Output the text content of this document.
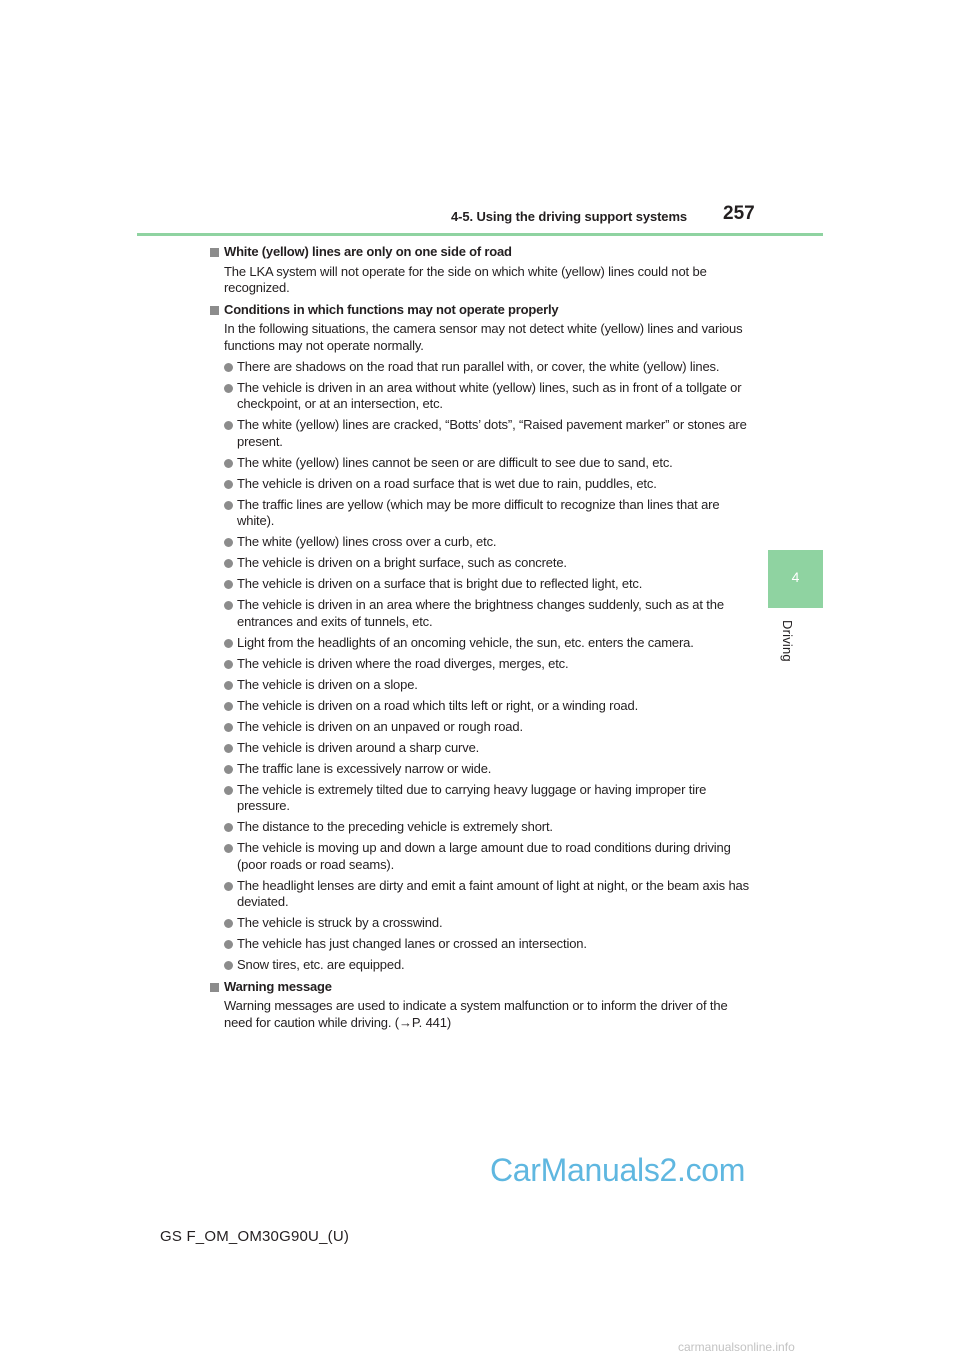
4-5. Using the driving support systems 257
4
Driving
White (yellow) lines are only on one side of road
The LKA system will not operate for the side on which white (yellow) lines could not be recognized.
Conditions in which functions may not operate properly
In the following situations, the camera sensor may not detect white (yellow) lines and various functions may not operate normally.
There are shadows on the road that run parallel with, or cover, the white (yellow) lines.
The vehicle is driven in an area without white (yellow) lines, such as in front of a tollgate or checkpoint, or at an intersection, etc.
The white (yellow) lines are cracked, “Botts’ dots”, “Raised pavement marker” or stones are present.
The white (yellow) lines cannot be seen or are difficult to see due to sand, etc.
The vehicle is driven on a road surface that is wet due to rain, puddles, etc.
The traffic lines are yellow (which may be more difficult to recognize than lines that are white).
The white (yellow) lines cross over a curb, etc.
The vehicle is driven on a bright surface, such as concrete.
The vehicle is driven on a surface that is bright due to reflected light, etc.
The vehicle is driven in an area where the brightness changes suddenly, such as at the entrances and exits of tunnels, etc.
Light from the headlights of an oncoming vehicle, the sun, etc. enters the camera.
The vehicle is driven where the road diverges, merges, etc.
The vehicle is driven on a slope.
The vehicle is driven on a road which tilts left or right, or a winding road.
The vehicle is driven on an unpaved or rough road.
The vehicle is driven around a sharp curve.
The traffic lane is excessively narrow or wide.
The vehicle is extremely tilted due to carrying heavy luggage or having improper tire pressure.
The distance to the preceding vehicle is extremely short.
The vehicle is moving up and down a large amount due to road conditions during driving (poor roads or road seams).
The headlight lenses are dirty and emit a faint amount of light at night, or the beam axis has deviated.
The vehicle is struck by a crosswind.
The vehicle has just changed lanes or crossed an intersection.
Snow tires, etc. are equipped.
Warning message
Warning messages are used to indicate a system malfunction or to inform the driver of the need for caution while driving. (→P. 441)
GS F_OM_OM30G90U_(U)
CarManuals2.com
carmanualsonline.info
